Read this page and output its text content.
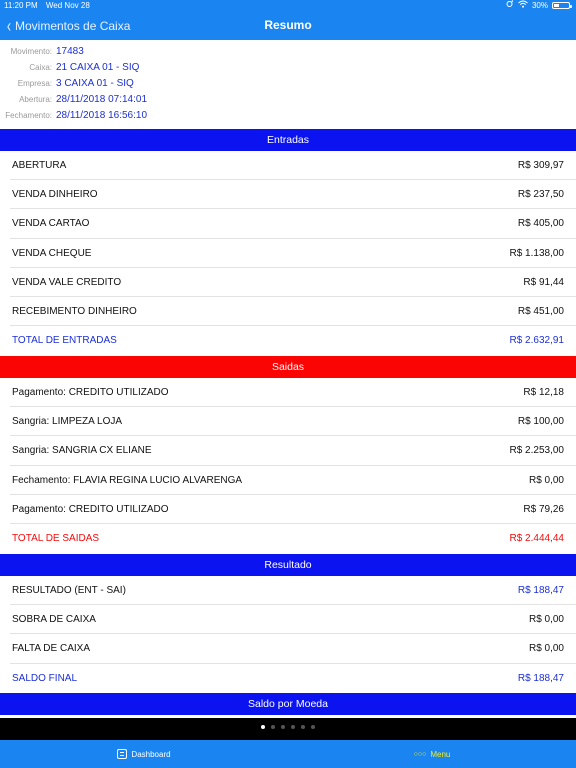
11:20 PM Wed Nov 28	30%
‹ Movimentos de Caixa	Resumo
Movimento: 17483
Caixa: 21 CAIXA 01 - SIQ
Empresa: 3 CAIXA 01 - SIQ
Abertura: 28/11/2018 07:14:01
Fechamento: 28/11/2018 16:56:10
Entradas
ABERTURA	R$ 309,97
VENDA DINHEIRO	R$ 237,50
VENDA CARTAO	R$ 405,00
VENDA CHEQUE	R$ 1.138,00
VENDA VALE CREDITO	R$ 91,44
RECEBIMENTO DINHEIRO	R$ 451,00
TOTAL DE ENTRADAS	R$ 2.632,91
Saidas
Pagamento: CREDITO UTILIZADO	R$ 12,18
Sangria: LIMPEZA LOJA	R$ 100,00
Sangria: SANGRIA CX ELIANE	R$ 2.253,00
Fechamento: FLAVIA REGINA LUCIO ALVARENGA	R$ 0,00
Pagamento: CREDITO UTILIZADO	R$ 79,26
TOTAL DE SAIDAS	R$ 2.444,44
Resultado
RESULTADO (ENT - SAI)	R$ 188,47
SOBRA DE CAIXA	R$ 0,00
FALTA DE CAIXA	R$ 0,00
SALDO FINAL	R$ 188,47
Saldo por Moeda
Dashboard	○○○ Menu
